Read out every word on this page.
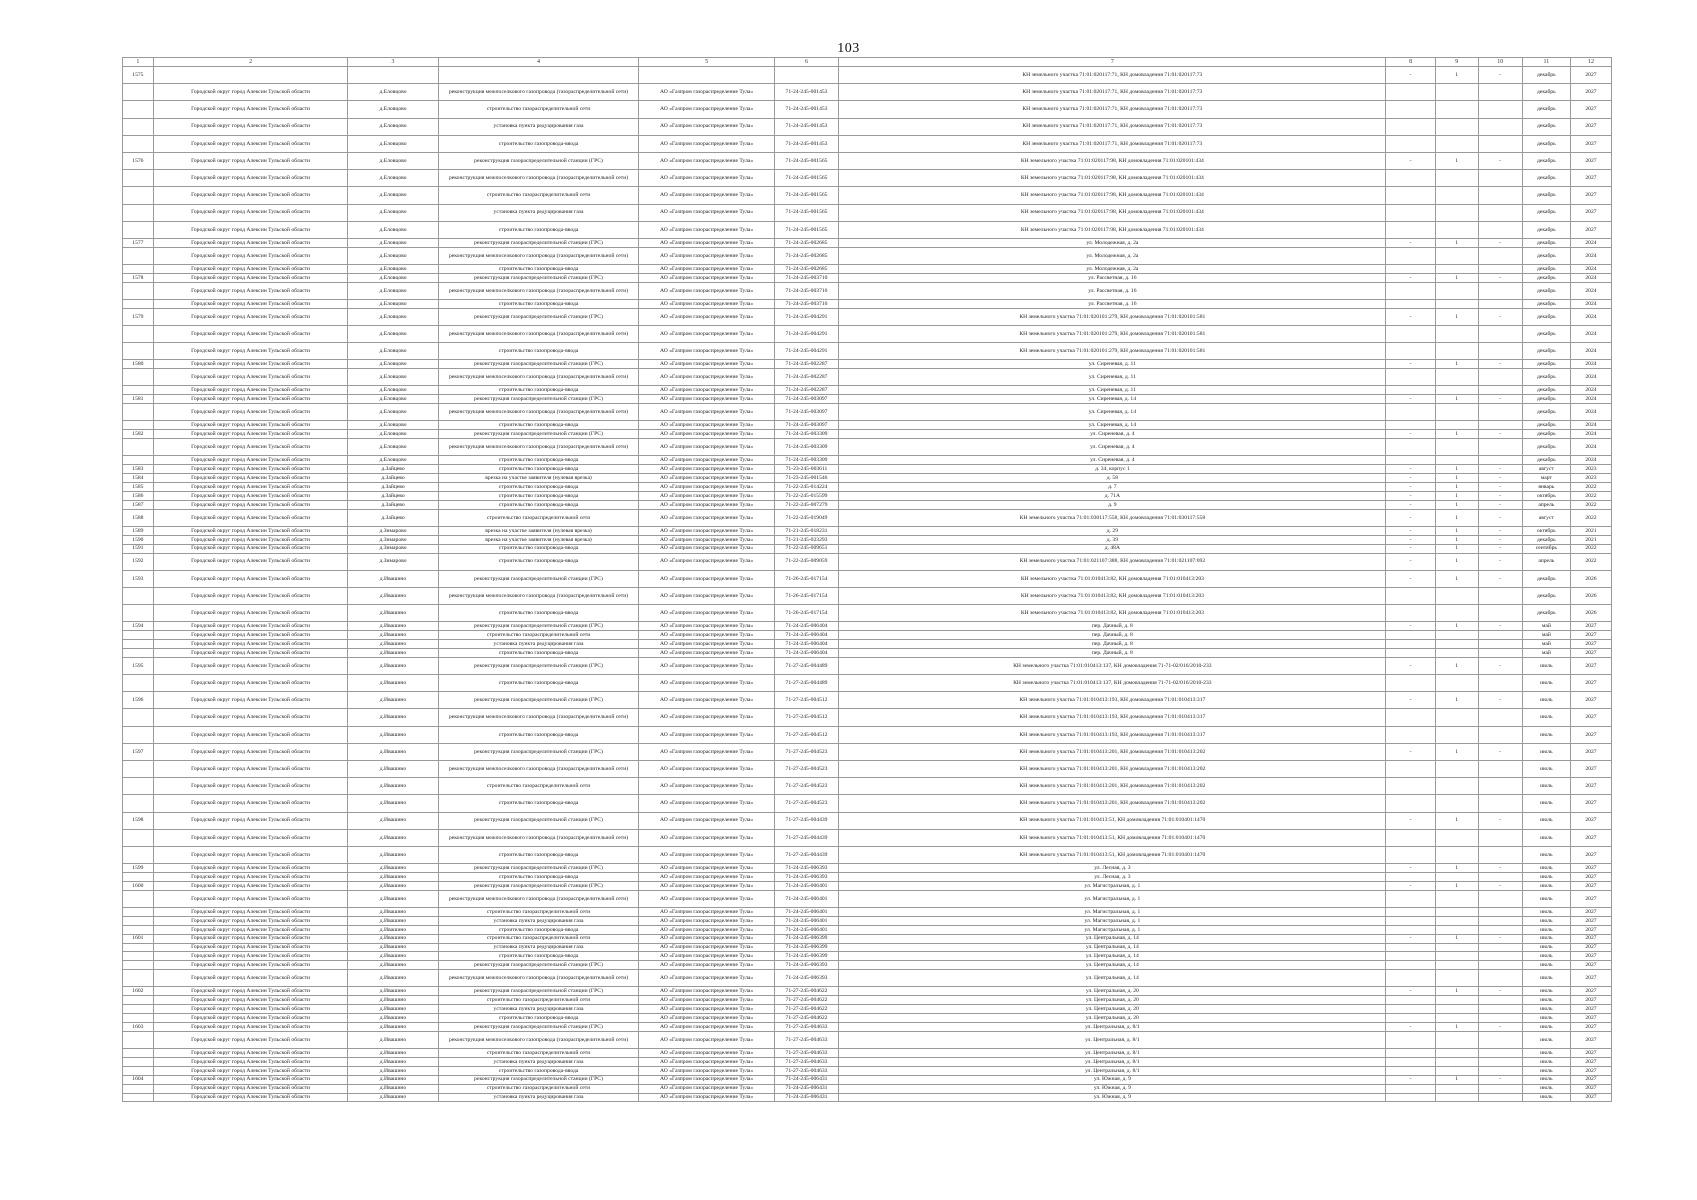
103
1	2	3	4	5	6	7	8	9	10	11	12
1575						КН земельного участка 71:01:020117:71, КН домовладения 71:01:020117:73	-	1	-	декабрь	2027
	Городской округ город Алексин Тульской области	д.Еловцово	реконструкция межпоселкового газопровода (газораспределительной сети)	АО «Газпром газораспределение Тула»	71-24-245-001453	КН земельного участка 71:01:020117:71, КН домовладения 71:01:020117:73				декабрь	2027
	Городской округ город Алексин Тульской области	д.Еловцово	строительство газораспределительной сети	АО «Газпром газораспределение Тула»	71-24-245-001453	КН земельного участка 71:01:020117:71, КН домовладения 71:01:020117:73				декабрь	2027
	Городской округ город Алексин Тульской области	д.Еловцово	установка пункта редуцирования газа	АО «Газпром газораспределение Тула»	71-24-245-001453	КН земельного участка 71:01:020117:71, КН домовладения 71:01:020117:73				декабрь	2027
	Городской округ город Алексин Тульской области	д.Еловцово	строительство газопровода-ввода	АО «Газпром газораспределение Тула»	71-24-245-001453	КН земельного участка 71:01:020117:71, КН домовладения 71:01:020117:73				декабрь	2027
1576	Городской округ город Алексин Тульской области	д.Еловцово	реконструкция газораспределительной станции (ГРС)	АО «Газпром газораспределение Тула»	71-24-245-001565	КН земельного участка 71:01:020117:98, КН домовладения 71:01:020101:434	-	1	-	декабрь	2027
	Городской округ город Алексин Тульской области	д.Еловцово	реконструкция межпоселкового газопровода (газораспределительной сети)	АО «Газпром газораспределение Тула»	71-24-245-001565	КН земельного участка 71:01:020117:98, КН домовладения 71:01:020101:434				декабрь	2027
	Городской округ город Алексин Тульской области	д.Еловцово	строительство газораспределительной сети	АО «Газпром газораспределение Тула»	71-24-245-001565	КН земельного участка 71:01:020117:98, КН домовладения 71:01:020101:434				декабрь	2027
	Городской округ город Алексин Тульской области	д.Еловцово	установка пункта редуцирования газа	АО «Газпром газораспределение Тула»	71-24-245-001565	КН земельного участка 71:01:020117:98, КН домовладения 71:01:020101:434				декабрь	2027
	Городской округ город Алексин Тульской области	д.Еловцово	строительство газопровода-ввода	АО «Газпром газораспределение Тула»	71-24-245-001565	КН земельного участка 71:01:020117:98, КН домовладения 71:01:020101:434				декабрь	2027
1577	Городской округ город Алексин Тульской области	д.Еловцово	реконструкция газораспределительной станции (ГРС)	АО «Газпром газораспределение Тула»	71-24-245-002685	ул. Молодежная, д. 2а	-	1	-	декабрь	2024
	Городской округ город Алексин Тульской области	д.Еловцово	реконструкция межпоселкового газопровода (газораспределительной сети)	АО «Газпром газораспределение Тула»	71-24-245-002685	ул. Молодежная, д. 2а				декабрь	2024
	Городской округ город Алексин Тульской области	д.Еловцово	строительство газопровода-ввода	АО «Газпром газораспределение Тула»	71-24-245-002685	ул. Молодежная, д. 2а				декабрь	2024
1578	Городской округ город Алексин Тульской области	д.Еловцово	реконструкция газораспределительной станции (ГРС)	АО «Газпром газораспределение Тула»	71-24-245-003710	ул. Рассветная, д. 16	-	1	-	декабрь	2024
	Городской округ город Алексин Тульской области	д.Еловцово	реконструкция межпоселкового газопровода (газораспределительной сети)	АО «Газпром газораспределение Тула»	71-24-245-003710	ул. Рассветная, д. 16				декабрь	2024
	Городской округ город Алексин Тульской области	д.Еловцово	строительство газопровода-ввода	АО «Газпром газораспределение Тула»	71-24-245-003710	ул. Рассветная, д. 16				декабрь	2024
1579	Городской округ город Алексин Тульской области	д.Еловцово	реконструкция газораспределительной станции (ГРС)	АО «Газпром газораспределение Тула»	71-24-245-004291	КН земельного участка 71:01:020101:279, КН домовладения 71:01:020101:581	-	1	-	декабрь	2024
	Городской округ город Алексин Тульской области	д.Еловцово	реконструкция межпоселкового газопровода (газораспределительной сети)	АО «Газпром газораспределение Тула»	71-24-245-004291	КН земельного участка 71:01:020101:279, КН домовладения 71:01:020101:581				декабрь	2024
	Городской округ город Алексин Тульской области	д.Еловцово	строительство газопровода-ввода	АО «Газпром газораспределение Тула»	71-24-245-004291	КН земельного участка 71:01:020101:279, КН домовладения 71:01:020101:581				декабрь	2024
1580	Городской округ город Алексин Тульской области	д.Еловцово	реконструкция газораспределительной станции (ГРС)	АО «Газпром газораспределение Тула»	71-24-245-002287	ул. Сиреневая, д. 11	-	1	-	декабрь	2024
	Городской округ город Алексин Тульской области	д.Еловцово	реконструкция межпоселкового газопровода (газораспределительной сети)	АО «Газпром газораспределение Тула»	71-24-245-002287	ул. Сиреневая, д. 11				декабрь	2024
	Городской округ город Алексин Тульской области	д.Еловцово	строительство газопровода-ввода	АО «Газпром газораспределение Тула»	71-24-245-002287	ул. Сиреневая, д. 11				декабрь	2024
1581	Городской округ город Алексин Тульской области	д.Еловцово	реконструкция газораспределительной станции (ГРС)	АО «Газпром газораспределение Тула»	71-24-245-003097	ул. Сиреневая, д. 14	-	1	-	декабрь	2024
	Городской округ город Алексин Тульской области	д.Еловцово	реконструкция межпоселкового газопровода (газораспределительной сети)	АО «Газпром газораспределение Тула»	71-24-245-003097	ул. Сиреневая, д. 14				декабрь	2024
	Городской округ город Алексин Тульской области	д.Еловцово	строительство газопровода-ввода	АО «Газпром газораспределение Тула»	71-24-245-003097	ул. Сиреневая, д. 14				декабрь	2024
1582	Городской округ город Алексин Тульской области	д.Еловцово	реконструкция газораспределительной станции (ГРС)	АО «Газпром газораспределение Тула»	71-24-245-003309	ул. Сиреневая, д. 4	-	1	-	декабрь	2024
	Городской округ город Алексин Тульской области	д.Еловцово	реконструкция межпоселкового газопровода (газораспределительной сети)	АО «Газпром газораспределение Тула»	71-24-245-003309	ул. Сиреневая, д. 4				декабрь	2024
	Городской округ город Алексин Тульской области	д.Еловцово	строительство газопровода-ввода	АО «Газпром газораспределение Тула»	71-24-245-003309	ул. Сиреневая, д. 4				декабрь	2024
1583	Городской округ город Алексин Тульской области	д.Зайцево	строительство газопровода-ввода	АО «Газпром газораспределение Тула»	71-23-245-003611	д. 34, корпус 1	-	1	-	август	2023
1584	Городской округ город Алексин Тульской области	д.Зайцево	врезка на участке заявителя (нулевая врезка)	АО «Газпром газораспределение Тула»	71-23-245-001546	д. 58	-	1	-	март	2023
1585	Городской округ город Алексин Тульской области	д.Зайцево	строительство газопровода-ввода	АО «Газпром газораспределение Тула»	71-22-245-014224	д. 7	-	1	-	январь	2022
1586	Городской округ город Алексин Тульской области	д.Зайцево	строительство газопровода-ввода	АО «Газпром газораспределение Тула»	71-22-245-015599	д. 71А	-	1	-	октябрь	2022
1587	Городской округ город Алексин Тульской области	д.Зайцево	строительство газопровода-ввода	АО «Газпром газораспределение Тула»	71-22-245-007279	д. 9	-	1	-	апрель	2022
1588	Городской округ город Алексин Тульской области	д.Зайцево	строительство газораспределительной сети	АО «Газпром газораспределение Тула»	71-22-245-019049	КН земельного участка 71:01:030117:558, КН домовладения 71:01:030117:558	-	1	-	август	2022
1589	Городской округ город Алексин Тульской области	д.Зимарово	врезка на участке заявителя (нулевая врезка)	АО «Газпром газораспределение Тула»	71-21-245-018231	д. 29	-	1	-	октябрь	2021
1590	Городской округ город Алексин Тульской области	д.Зимарово	врезка на участке заявителя (нулевая врезка)	АО «Газпром газораспределение Тула»	71-21-245-023293	д. 39	-	1	-	декабрь	2021
1591	Городской округ город Алексин Тульской области	д.Зимарово	строительство газопровода-ввода	АО «Газпром газораспределение Тула»	71-22-245-009651	д. 48А	-	1	-	сентябрь	2022
1592	Городской округ город Алексин Тульской области	д.Зимарово	строительство газопровода-ввода	АО «Газпром газораспределение Тула»	71-22-245-009059	КН земельного участка 71:01:021107:388, КН домовладения 71:01:021107:692	-	1	-	апрель	2022
1593	Городской округ город Алексин Тульской области	д.Ивашино	реконструкция газораспределительной станции (ГРС)	АО «Газпром газораспределение Тула»	71-26-245-017154	КН земельного участка 71:01:010413:82, КН домовладения 71:01:010413:203	-	1	-	декабрь	2026
	Городской округ город Алексин Тульской области	д.Ивашино	реконструкция межпоселкового газопровода (газораспределительной сети)	АО «Газпром газораспределение Тула»	71-26-245-017154	КН земельного участка 71:01:010413:82, КН домовладения 71:01:010413:203				декабрь	2026
	Городской округ город Алексин Тульской области	д.Ивашино	строительство газопровода-ввода	АО «Газпром газораспределение Тула»	71-26-245-017154	КН земельного участка 71:01:010413:82, КН домовладения 71:01:010413:203				декабрь	2026
1594	Городской округ город Алексин Тульской области	д.Ивашино	реконструкция газораспределительной станции (ГРС)	АО «Газпром газораспределение Тула»	71-24-245-006404	пер. Дачный, д. 8	-	1	-	май	2027
	Городской округ город Алексин Тульской области	д.Ивашино	строительство газораспределительной сети	АО «Газпром газораспределение Тула»	71-24-245-006404	пер. Дачный, д. 8				май	2027
	Городской округ город Алексин Тульской области	д.Ивашино	установка пункта редуцирования газа	АО «Газпром газораспределение Тула»	71-24-245-006404	пер. Дачный, д. 8				май	2027
	Городской округ город Алексин Тульской области	д.Ивашино	строительство газопровода-ввода	АО «Газпром газораспределение Тула»	71-24-245-006404	пер. Дачный, д. 8				май	2027
1595	Городской округ город Алексин Тульской области	д.Ивашино	реконструкция газораспределительной станции (ГРС)	АО «Газпром газораспределение Тула»	71-27-245-004489	КН земельного участка 71:01:010413:137, КН домовладения 71-71-02/016/2010-233	-	1	-	июль	2027
	Городской округ город Алексин Тульской области	д.Ивашино	строительство газопровода-ввода	АО «Газпром газораспределение Тула»	71-27-245-004489	КН земельного участка 71:01:010413:137, КН домовладения 71-71-02/016/2010-233				июль	2027
1596	Городской округ город Алексин Тульской области	д.Ивашино	реконструкция газораспределительной станции (ГРС)	АО «Газпром газораспределение Тула»	71-27-245-004512	КН земельного участка 71:01:010413:193, КН домовладения 71:01:010413:317	-	1	-	июль	2027
	Городской округ город Алексин Тульской области	д.Ивашино	реконструкция межпоселкового газопровода (газораспределительной сети)	АО «Газпром газораспределение Тула»	71-27-245-004512	КН земельного участка 71:01:010413:193, КН домовладения 71:01:010413:317				июль	2027
	Городской округ город Алексин Тульской области	д.Ивашино	строительство газопровода-ввода	АО «Газпром газораспределение Тула»	71-27-245-004512	КН земельного участка 71:01:010413:193, КН домовладения 71:01:010413:317				июль	2027
1597	Городской округ город Алексин Тульской области	д.Ивашино	реконструкция газораспределительной станции (ГРС)	АО «Газпром газораспределение Тула»	71-27-245-004523	КН земельного участка 71:01:010413:201, КН домовладения 71:01:010413:202	-	1	-	июль	2027
	Городской округ город Алексин Тульской области	д.Ивашино	реконструкция межпоселкового газопровода (газораспределительной сети)	АО «Газпром газораспределение Тула»	71-27-245-004523	КН земельного участка 71:01:010413:201, КН домовладения 71:01:010413:202				июль	2027
	Городской округ город Алексин Тульской области	д.Ивашино	строительство газораспределительной сети	АО «Газпром газораспределение Тула»	71-27-245-004523	КН земельного участка 71:01:010413:201, КН домовладения 71:01:010413:202				июль	2027
	Городской округ город Алексин Тульской области	д.Ивашино	строительство газопровода-ввода	АО «Газпром газораспределение Тула»	71-27-245-004523	КН земельного участка 71:01:010413:201, КН домовладения 71:01:010413:202				июль	2027
1598	Городской округ город Алексин Тульской области	д.Ивашино	реконструкция газораспределительной станции (ГРС)	АО «Газпром газораспределение Тула»	71-27-245-004439	КН земельного участка 71:01:010413:51, КН домовладения 71:01:010401:1470	-	1	-	июль	2027
	Городской округ город Алексин Тульской области	д.Ивашино	реконструкция межпоселкового газопровода (газораспределительной сети)	АО «Газпром газораспределение Тула»	71-27-245-004439	КН земельного участка 71:01:010413:51, КН домовладения 71:01:010401:1470				июль	2027
	Городской округ город Алексин Тульской области	д.Ивашино	строительство газопровода-ввода	АО «Газпром газораспределение Тула»	71-27-245-004439	КН земельного участка 71:01:010413:51, КН домовладения 71:01:010401:1470				июль	2027
1599	Городской округ город Алексин Тульской области	д.Ивашино	реконструкция газораспределительной станции (ГРС)	АО «Газпром газораспределение Тула»	71-24-245-006393	ул. Лесная, д. 3	-	1	-	июль	2027
	Городской округ город Алексин Тульской области	д.Ивашино	строительство газопровода-ввода	АО «Газпром газораспределение Тула»	71-24-245-006393	ул. Лесная, д. 3				июль	2027
1600	Городской округ город Алексин Тульской области	д.Ивашино	реконструкция газораспределительной станции (ГРС)	АО «Газпром газораспределение Тула»	71-24-245-006401	ул. Магистральная, д. 1	-	1	-	июль	2027
	Городской округ город Алексин Тульской области	д.Ивашино	реконструкция межпоселкового газопровода (газораспределительной сети)	АО «Газпром газораспределение Тула»	71-24-245-006401	ул. Магистральная, д. 1				июль	2027
	Городской округ город Алексин Тульской области	д.Ивашино	строительство газораспределительной сети	АО «Газпром газораспределение Тула»	71-24-245-006401	ул. Магистральная, д. 1				июль	2027
	Городской округ город Алексин Тульской области	д.Ивашино	установка пункта редуцирования газа	АО «Газпром газораспределение Тула»	71-24-245-006401	ул. Магистральная, д. 1				июль	2027
	Городской округ город Алексин Тульской области	д.Ивашино	строительство газопровода-ввода	АО «Газпром газораспределение Тула»	71-24-245-006401	ул. Магистральная, д. 1				июль	2027
1601	Городской округ город Алексин Тульской области	д.Ивашино	строительство газораспределительной сети	АО «Газпром газораспределение Тула»	71-24-245-006399	ул. Центральная, д. 14	-	1	-	июль	2027
	Городской округ город Алексин Тульской области	д.Ивашино	установка пункта редуцирования газа	АО «Газпром газораспределение Тула»	71-24-245-006399	ул. Центральная, д. 14				июль	2027
	Городской округ город Алексин Тульской области	д.Ивашино	строительство газопровода-ввода	АО «Газпром газораспределение Тула»	71-24-245-006399	ул. Центральная, д. 14				июль	2027
	Городской округ город Алексин Тульской области	д.Ивашино	реконструкция газораспределительной станции (ГРС)	АО «Газпром газораспределение Тула»	71-24-245-006393	ул. Центральная, д. 14				июль	2027
	Городской округ город Алексин Тульской области	д.Ивашино	реконструкция межпоселкового газопровода (газораспределительной сети)	АО «Газпром газораспределение Тула»	71-24-245-006393	ул. Центральная, д. 14				июль	2027
1602	Городской округ город Алексин Тульской области	д.Ивашино	реконструкция газораспределительной станции (ГРС)	АО «Газпром газораспределение Тула»	71-27-245-004622	ул. Центральная, д. 20	-	1	-	июль	2027
	Городской округ город Алексин Тульской области	д.Ивашино	строительство газораспределительной сети	АО «Газпром газораспределение Тула»	71-27-245-004622	ул. Центральная, д. 20				июль	2027
	Городской округ город Алексин Тульской области	д.Ивашино	установка пункта редуцирования газа	АО «Газпром газораспределение Тула»	71-27-245-004622	ул. Центральная, д. 20				июль	2027
	Городской округ город Алексин Тульской области	д.Ивашино	строительство газопровода-ввода	АО «Газпром газораспределение Тула»	71-27-245-004622	ул. Центральная, д. 20				июль	2027
1603	Городской округ город Алексин Тульской области	д.Ивашино	реконструкция газораспределительной станции (ГРС)	АО «Газпром газораспределение Тула»	71-27-245-004633	ул. Центральная, д. 8/1	-	1	-	июль	2027
	Городской округ город Алексин Тульской области	д.Ивашино	реконструкция межпоселкового газопровода (газораспределительной сети)	АО «Газпром газораспределение Тула»	71-27-245-004633	ул. Центральная, д. 8/1				июль	2027
	Городской округ город Алексин Тульской области	д.Ивашино	строительство газораспределительной сети	АО «Газпром газораспределение Тула»	71-27-245-004633	ул. Центральная, д. 8/1				июль	2027
	Городской округ город Алексин Тульской области	д.Ивашино	установка пункта редуцирования газа	АО «Газпром газораспределение Тула»	71-27-245-004633	ул. Центральная, д. 8/1				июль	2027
	Городской округ город Алексин Тульской области	д.Ивашино	строительство газопровода-ввода	АО «Газпром газораспределение Тула»	71-27-245-004633	ул. Центральная, д. 8/1				июль	2027
1604	Городской округ город Алексин Тульской области	д.Ивашино	реконструкция газораспределительной станции (ГРС)	АО «Газпром газораспределение Тула»	71-24-245-006431	ул. Южная, д. 9	-	1	-	июль	2027
	Городской округ город Алексин Тульской области	д.Ивашино	строительство газораспределительной сети	АО «Газпром газораспределение Тула»	71-24-245-006431	ул. Южная, д. 9				июль	2027
	Городской округ город Алексин Тульской области	д.Ивашино	установка пункта редуцирования газа	АО «Газпром газораспределение Тула»	71-24-245-006431	ул. Южная, д. 9				июль	2027
